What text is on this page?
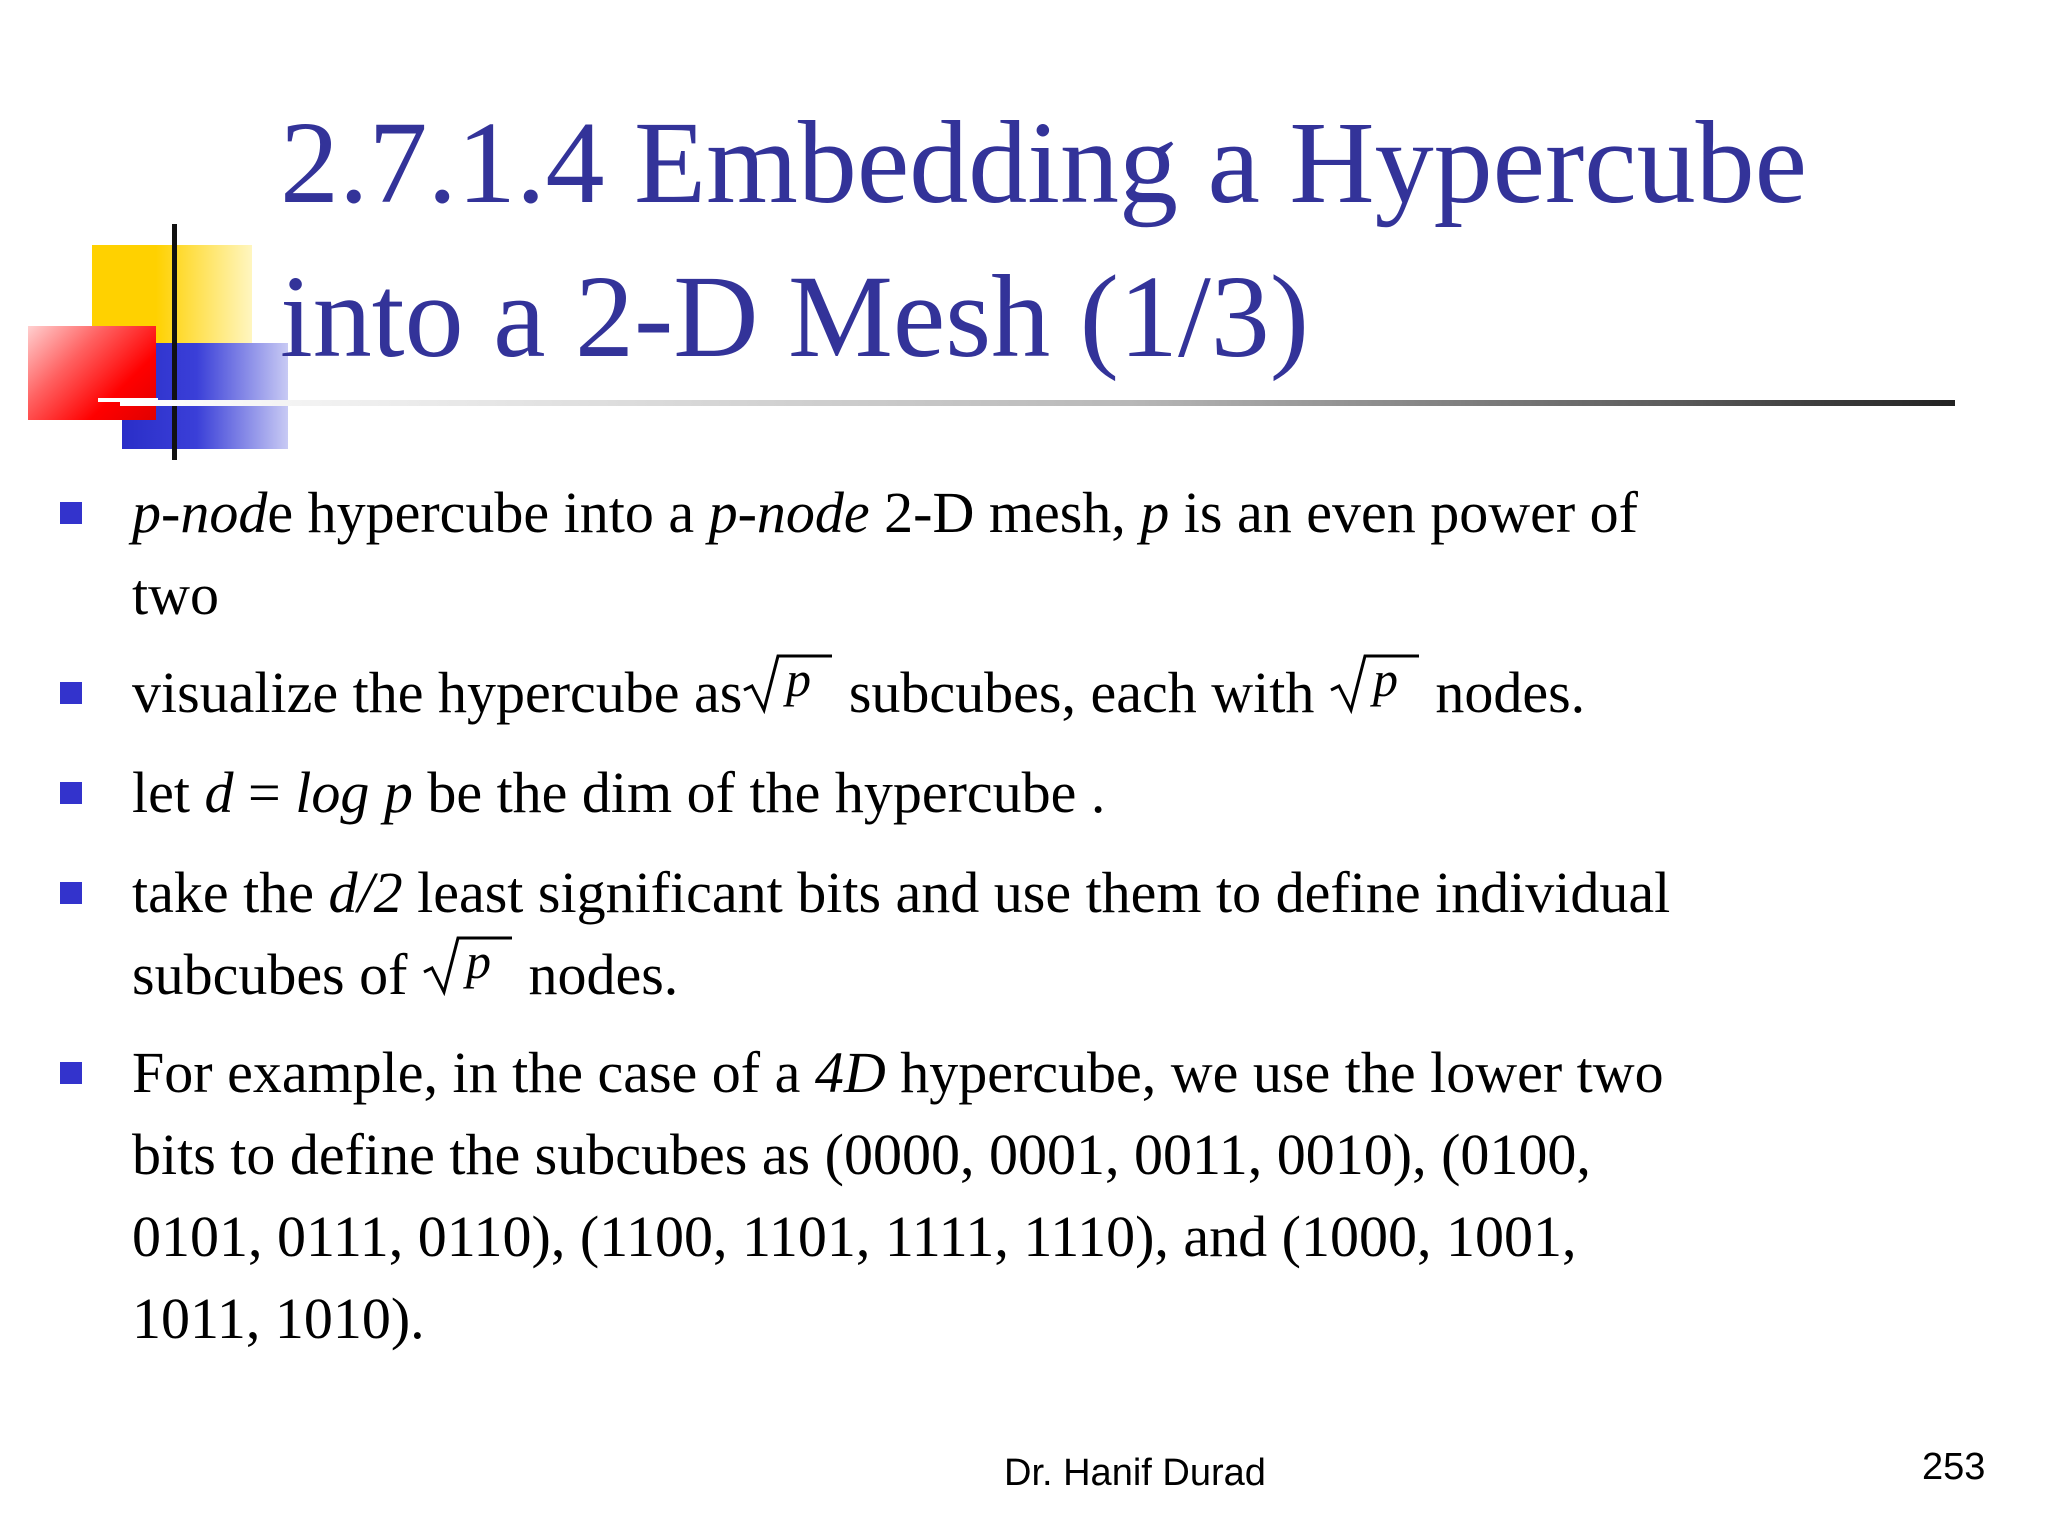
2.7.1.4 Embedding a Hypercube
into a 2-D Mesh (1/3)
p-node hypercube into a p-node 2-D mesh, p is an even power of
two
visualize the hypercube as p subcubes, each with p nodes.
let d = log p be the dim of the hypercube .
take the d/2 least significant bits and use them to define individual
subcubes of p nodes.
For example, in the case of a 4D hypercube, we use the lower two
bits to define the subcubes as (0000, 0001, 0011, 0010), (0100,
0101, 0111, 0110), (1100, 1101, 1111, 1110), and (1000, 1001,
1011, 1010).
Dr. Hanif Durad	253
